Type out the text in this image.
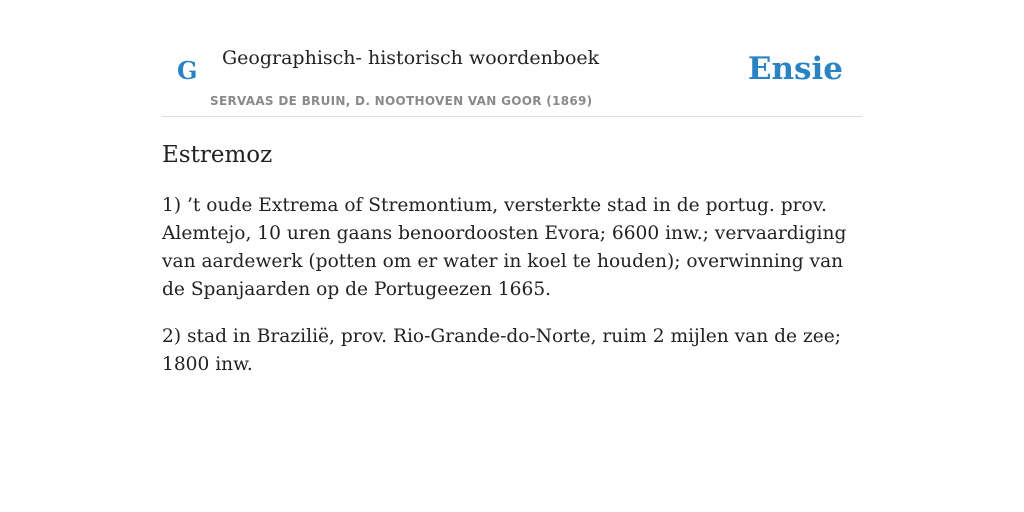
G Geographisch- historisch woordenboek
SERVAAS DE BRUIN, D. NOOTHOVEN VAN GOOR (1869)
Ensie
Estremoz

1) ’t oude Extrema of Stremontium, versterkte stad in de portug. prov. Alemtejo, 10 uren gaans benoordoosten Evora; 6600 inw.; vervaardiging van aardewerk (potten om er water in koel te houden); overwinning van de Spanjaarden op de Portugeezen 1665.

2) stad in Brazilië, prov. Rio-Grande-do-Norte, ruim 2 mijlen van de zee; 1800 inw.
